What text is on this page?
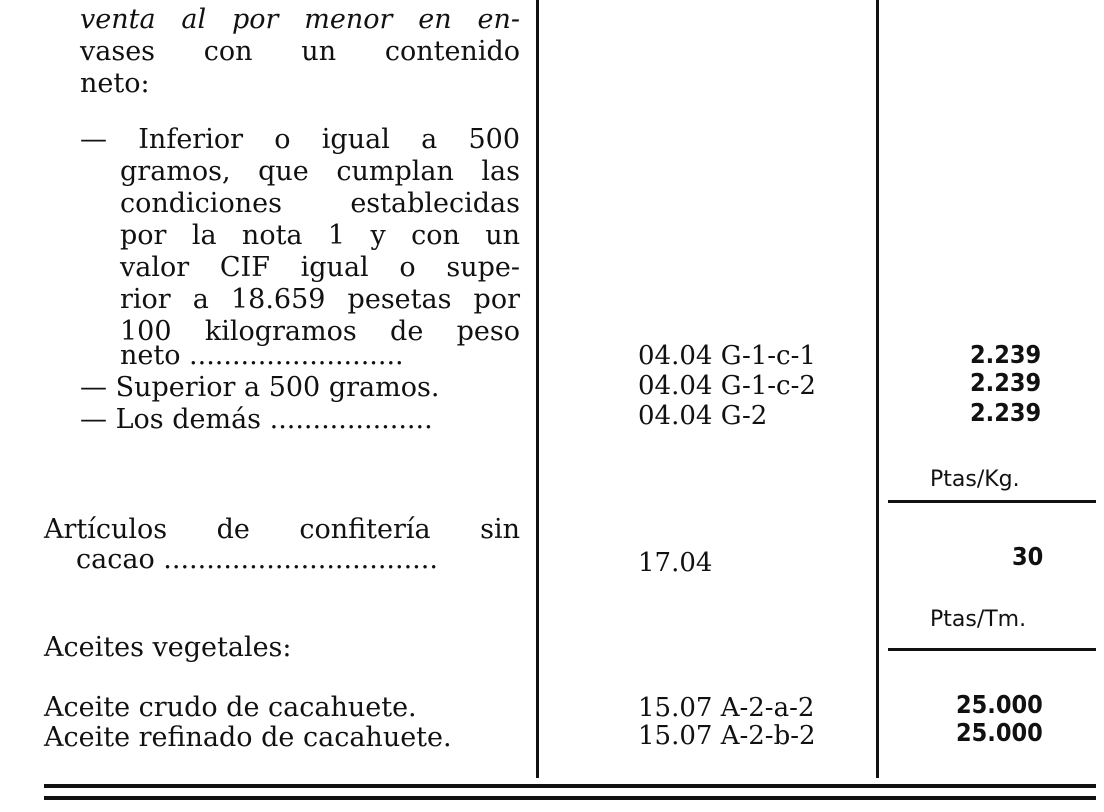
venta al por menor en en-
vases con un contenido
neto:
— Inferior o igual a 500
gramos, que cumplan las
condiciones establecidas
por la nota 1 y con un
valor CIF igual o supe-
rior a 18.659 pesetas por
100 kilogramos de peso
neto .........................	04.04 G-1-c-1	2.239
— Superior a 500 gramos.	04.04 G-1-c-2	2.239
— Los demás ...................	04.04 G-2	2.239
Ptas/Kg.
Artículos de confitería sin
cacao ................................	17.04	30
Ptas/Tm.
Aceites vegetales:
Aceite crudo de cacahuete.	15.07 A-2-a-2	25.000
Aceite refinado de cacahuete.	15.07 A-2-b-2	25.000
